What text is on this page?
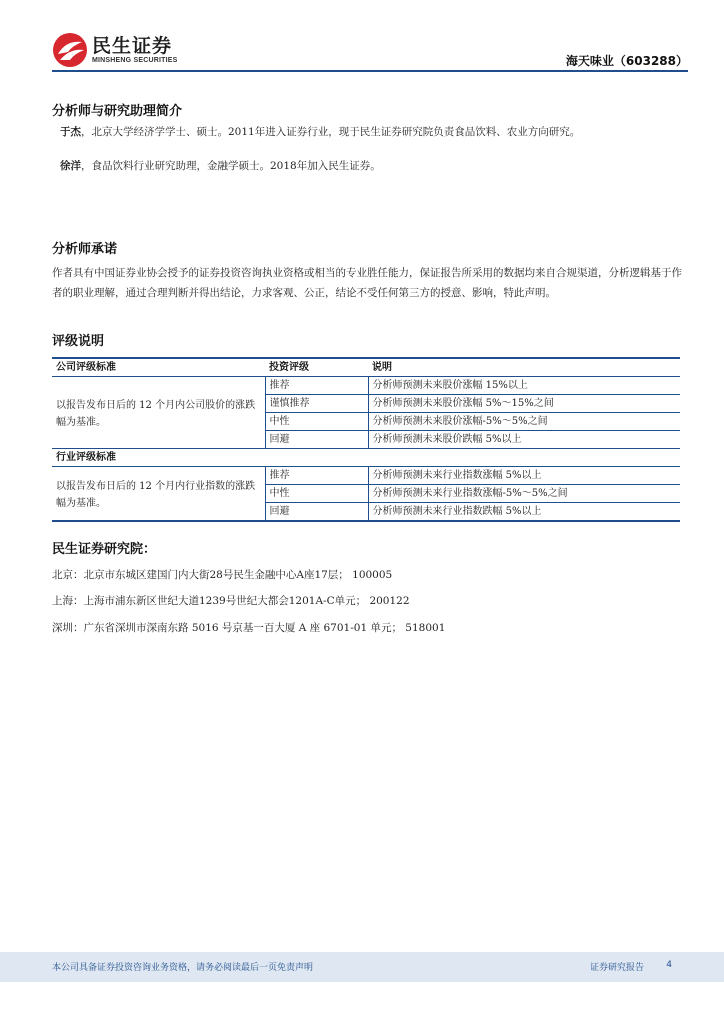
民生证券
MINSHENG SECURITIES	海天味业（603288）
分析师与研究助理简介
于杰，北京大学经济学学士、硕士。2011年进入证券行业，现于民生证券研究院负责食品饮料、农业方向研究。
徐洋，食品饮料行业研究助理，金融学硕士。2018年加入民生证券。
分析师承诺
作者具有中国证券业协会授予的证券投资咨询执业资格或相当的专业胜任能力，保证报告所采用的数据均来自合规渠道，分析逻辑基于作者的职业理解，通过合理判断并得出结论，力求客观、公正，结论不受任何第三方的授意、影响，特此声明。
评级说明
公司评级标准	投资评级	说明
以报告发布日后的 12 个月内公司股价的涨跌幅为基准。	推荐	分析师预测未来股价涨幅 15%以上
	谨慎推荐	分析师预测未来股价涨幅 5%～15%之间
	中性	分析师预测未来股价涨幅-5%～5%之间
	回避	分析师预测未来股价跌幅 5%以上
行业评级标准		
以报告发布日后的 12 个月内行业指数的涨跌幅为基准。	推荐	分析师预测未来行业指数涨幅 5%以上
	中性	分析师预测未来行业指数涨幅-5%～5%之间
	回避	分析师预测未来行业指数跌幅 5%以上
民生证券研究院：
北京：北京市东城区建国门内大街28号民生金融中心A座17层； 100005
上海：上海市浦东新区世纪大道1239号世纪大都会1201A-C单元； 200122
深圳：广东省深圳市深南东路 5016 号京基一百大厦 A 座 6701-01 单元； 518001
本公司具备证券投资咨询业务资格，请务必阅读最后一页免责声明	证券研究报告 4
